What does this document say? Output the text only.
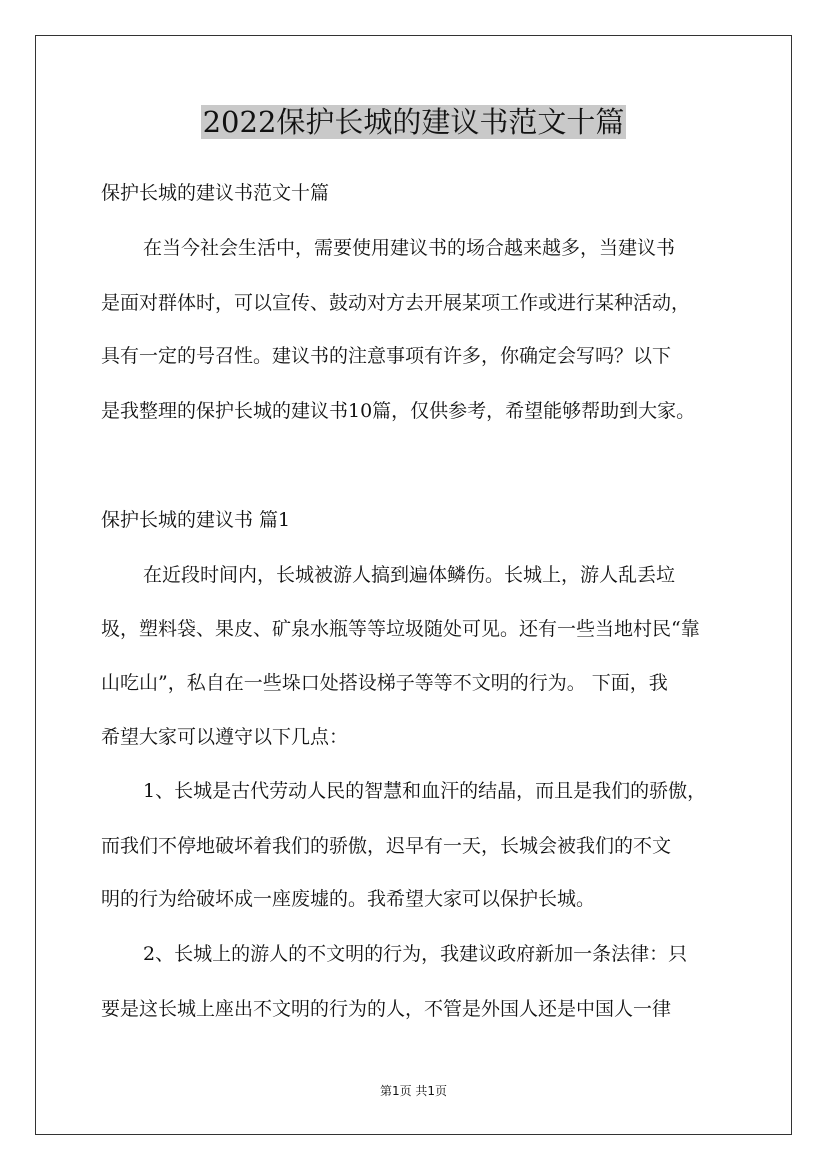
2022保护长城的建议书范文十篇

保护长城的建议书范文十篇

在当今社会生活中，需要使用建议书的场合越来越多，当建议书

是面对群体时，可以宣传、鼓动对方去开展某项工作或进行某种活动，

具有一定的号召性。建议书的注意事项有许多，你确定会写吗？以下

是我整理的保护长城的建议书10篇，仅供参考，希望能够帮助到大家。

保护长城的建议书 篇1

在近段时间内，长城被游人搞到遍体鳞伤。长城上，游人乱丢垃

圾，塑料袋、果皮、矿泉水瓶等等垃圾随处可见。还有一些当地村民“靠

山吃山”，私自在一些垛口处搭设梯子等等不文明的行为。 下面，我

希望大家可以遵守以下几点：

1、长城是古代劳动人民的智慧和血汗的结晶，而且是我们的骄傲，

而我们不停地破坏着我们的骄傲，迟早有一天，长城会被我们的不文

明的行为给破坏成一座废墟的。我希望大家可以保护长城。

2、长城上的游人的不文明的行为，我建议政府新加一条法律：只

要是这长城上座出不文明的行为的人，不管是外国人还是中国人一律

第1页 共1页
